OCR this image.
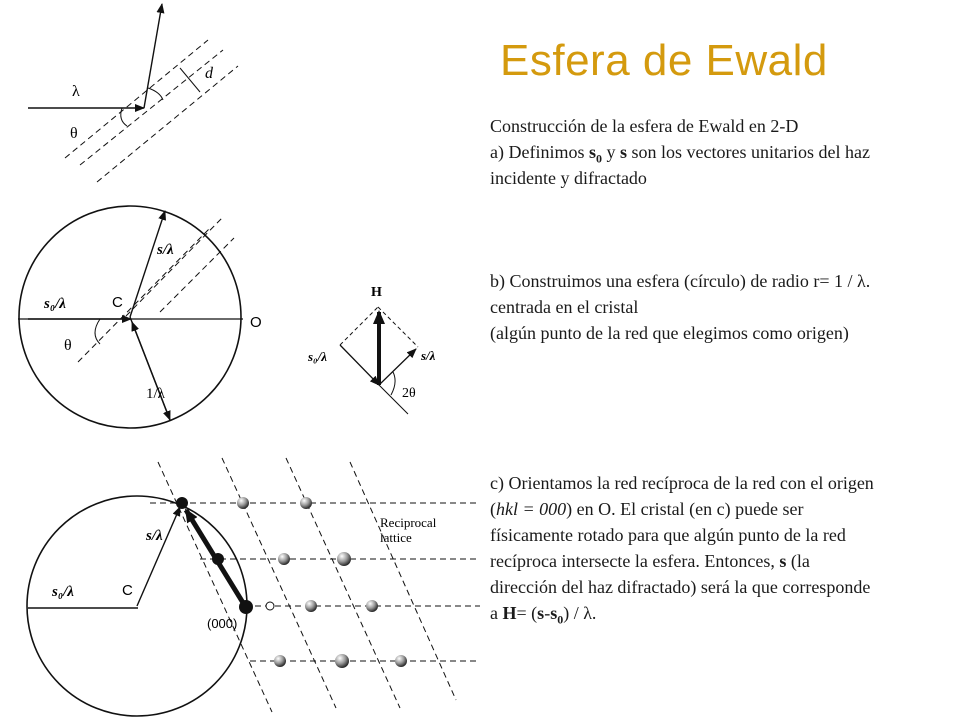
λ
θ
d
s/λ
s₀/λ	C
O
θ
1/λ
H
s₀/λ	s/λ
2θ
s/λ
s₀/λ	C
(000)
Reciprocal
lattice
Esfera de Ewald
Construcción de la esfera de Ewald en 2-D
a) Definimos $s_0$ y s son los vectores unitarios del haz
incidente y difractado
b) Construimos una esfera (círculo) de radio r= 1 / λ.
centrada en el cristal
(algún punto de la red que elegimos como origen)
c) Orientamos la red recíproca de la red con el origen
(hkl = 000) en O. El cristal (en c) puede ser
físicamente rotado para que algún punto de la red
recíproca intersecte la esfera. Entonces, s (la
dirección del haz difractado) será la que corresponde
a $H= (s-s_0) / \lambda$.
